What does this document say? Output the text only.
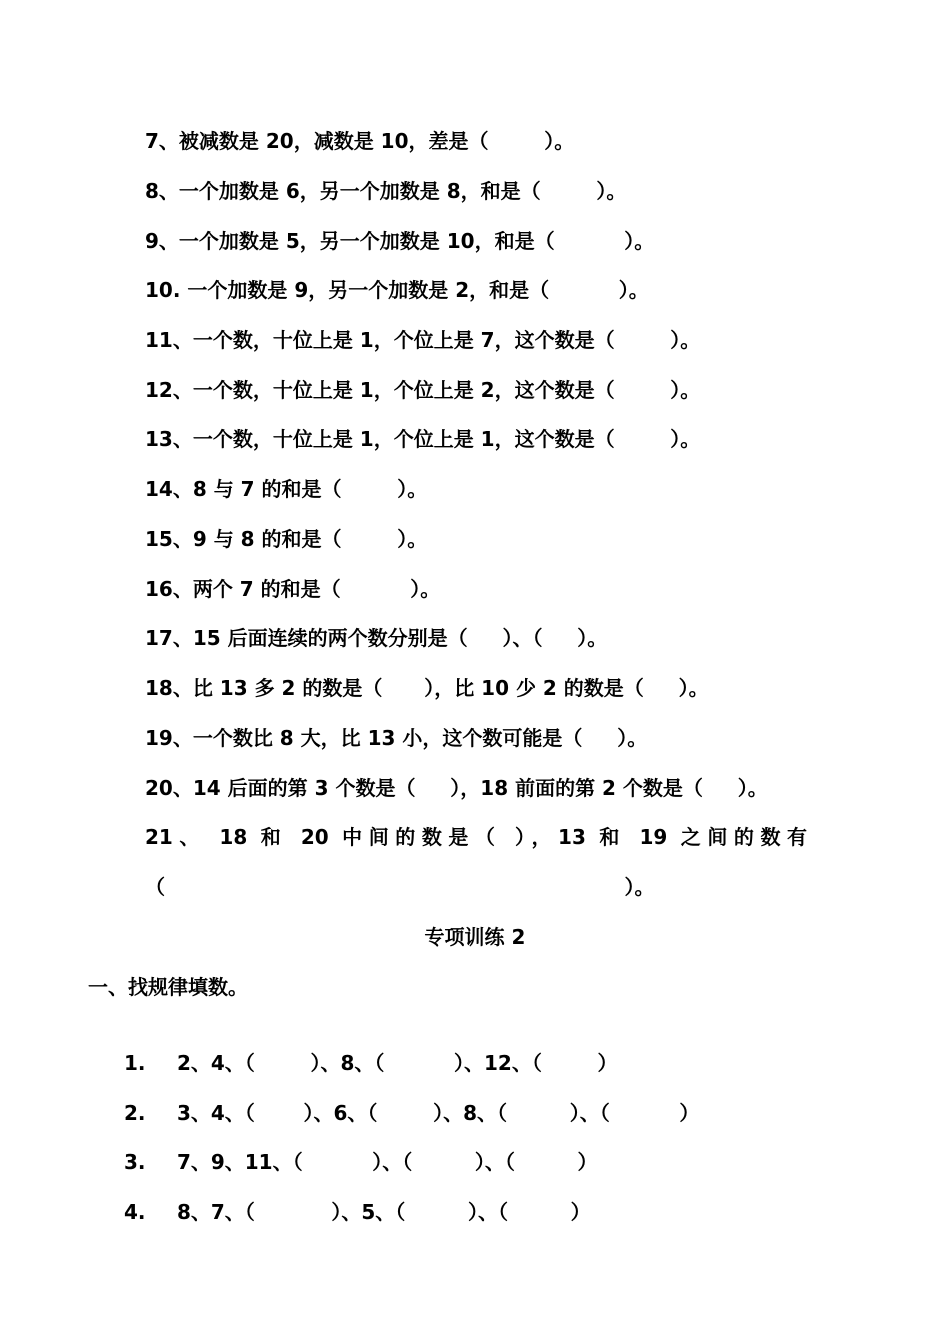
7、被减数是 20，减数是 10，差是（        ）。
8、一个加数是 6，另一个加数是 8，和是（        ）。
9、一个加数是 5，另一个加数是 10，和是（          ）。
10. 一个加数是 9，另一个加数是 2，和是（          ）。
11、一个数，十位上是 1，个位上是 7，这个数是（        ）。
12、一个数，十位上是 1，个位上是 2，这个数是（        ）。
13、一个数，十位上是 1，个位上是 1，这个数是（        ）。
14、8 与 7 的和是（        ）。
15、9 与 8 的和是（        ）。
16、两个 7 的和是（          ）。
17、15 后面连续的两个数分别是（     ）、（     ）。
18、比 13 多 2 的数是（      ），比 10 少 2 的数是（     ）。
19、一个数比 8 大，比 13 小，这个数可能是（     ）。
20、14 后面的第 3 个数是（     ），18 前面的第 2 个数是（     ）。
21、 18 和 20 中间的数是（ ），13 和 19 之间的数有
（                                                                  ）。
专项训练 2
一、找规律填数。

1. 2、4、（        ）、8、（          ）、12、（        ）

2. 3、4、（       ）、6、（        ）、8、（         ）、（          ）

3. 7、9、11、（          ）、（         ）、（         ）

4. 8、7、（           ）、5、（         ）、（         ）
